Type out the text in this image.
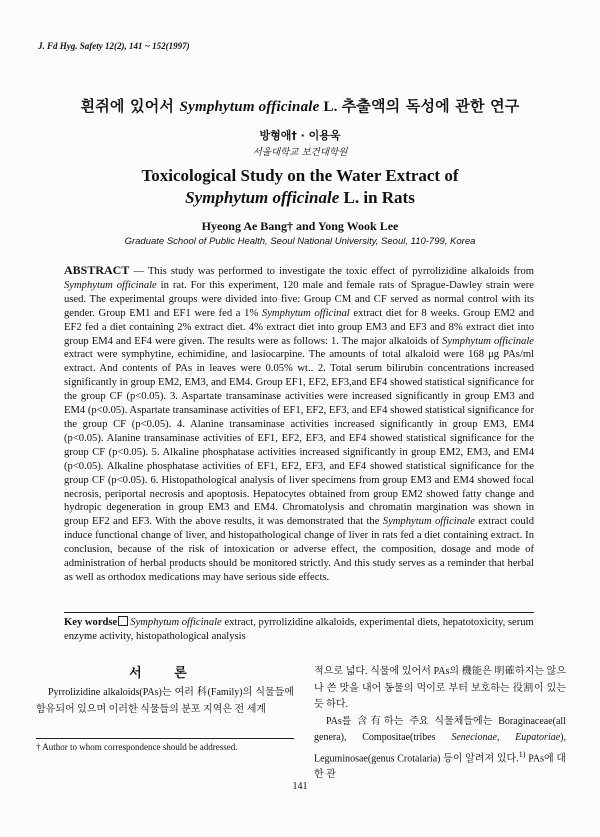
J. Fd Hyg. Safety 12(2), 141 ~ 152(1997)
흰쥐에 있어서 Symphytum officinale L. 추출액의 독성에 관한 연구
방형애† · 이용욱
서울대학교 보건대학원
Toxicological Study on the Water Extract of
Symphytum officinale L. in Rats
Hyeong Ae Bang† and Yong Wook Lee
Graduate School of Public Health, Seoul National University, Seoul, 110-799, Korea
ABSTRACT — This study was performed to investigate the toxic effect of pyrrolizidine alkaloids from Symphytum officinale in rat. For this experiment, 120 male and female rats of Sprague-Dawley strain were used. The experimental groups were divided into five: Group CM and CF served as normal control with its gender. Group EM1 and EF1 were fed a 1% Symphytum officinal extract diet for 8 weeks. Group EM2 and EF2 fed a diet containing 2% extract diet. 4% extract diet into group EM3 and EF3 and 8% extract diet into group EM4 and EF4 were given. The results were as follows: 1. The major alkaloids of Symphytum officinale extract were symphytine, echimidine, and lasiocarpine. The amounts of total alkaloid were 168 μg PAs/ml extract. And contents of PAs in leaves were 0.05% wt.. 2. Total serum bilirubin concentrations increased significantly in group EM2, EM3, and EM4. Group EF1, EF2, EF3,and EF4 showed statistical significance for the group CF (p<0.05). 3. Aspartate transaminase activities were increased significantly in group EM3 and EM4 (p<0.05). Aspartate transaminase activities of EF1, EF2, EF3, and EF4 showed statistical significance for the group CF (p<0.05). 4. Alanine transaminase activities increased significantly in group EM3, EM4 (p<0.05). Alanine transaminase activities of EF1, EF2, EF3, and EF4 showed statistical significance for the group CF (p<0.05). 5. Alkaline phosphatase activities increased significantly in group EM2, EM3, and EM4 (p<0.05). Alkaline phosphatase activities of EF1, EF2, EF3, and EF4 showed statistical significance for the group CF (p<0.05). 6. Histopathological analysis of liver specimens from group EM3 and EM4 showed focal necrosis, periportal necrosis and apoptosis. Hepatocytes obtained from group EM2 showed fatty change and hydropic degeneration in group EM3 and EM4. Chromatolysis and chromatin margination was shown in group EF2 and EF3. With the above results, it was demonstrated that the Symphytum officinale extract could induce functional change of liver, and histopathological change of liver in rats fed a diet containing extract. In conclusion, because of the risk of intoxication or adverse effect, the composition, dosage and mode of administration of herbal products should be monitored strictly. And this study serves as a reminder that herbal as well as orthodox medications may have serious side effects.
Key wordse Symphytum officinale extract, pyrrolizidine alkaloids, experimental diets, hepatotoxicity, serum enzyme activity, histopathological analysis
서 론
Pyrrolizidine alkaloids(PAs)는 여러 科(Family)의 식물들에 함유되어 있으며 이러한 식물들의 분포 지역은 전 세계
적으로 넓다. 식물에 있어서 PAs의 機能은 明確하지는 않으나 쓴 맛을 내어 동물의 먹이로 부터 보호하는 役割이 있는 듯 하다.
PAs를 含有하는 주요 식물체들에는 Boraginaceae(all genera), Compositae(tribes Senecionae, Eupatoriae), Leguminosae(genus Crotalaria) 등이 알려져 있다.$^{1)}$ PAs에 대한 관
† Author to whom correspondence should be addressed.
141
